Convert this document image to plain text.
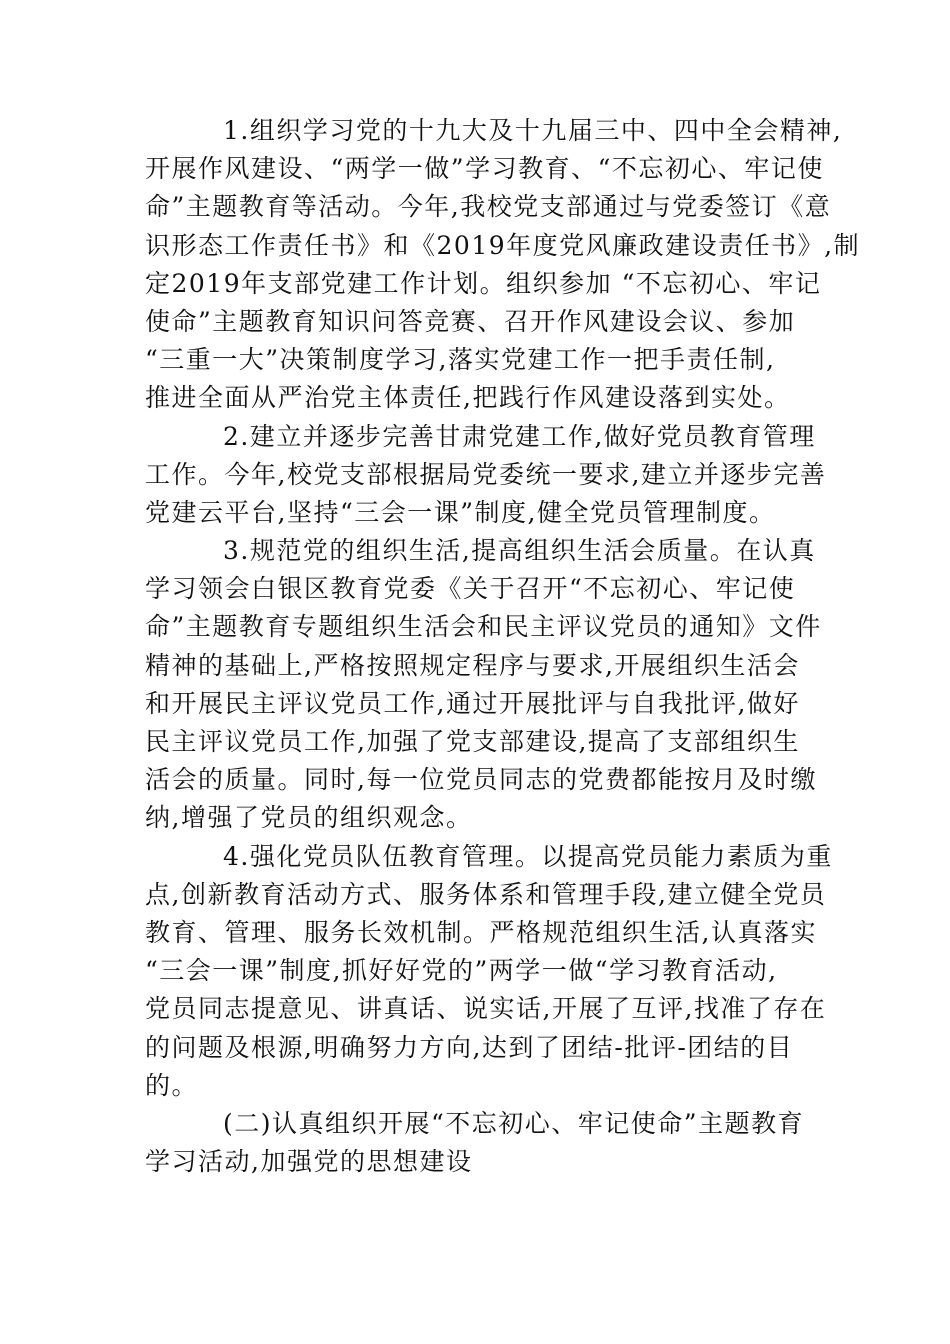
1.组织学习党的十九大及十九届三中、四中全会精神,
开展作风建设、“两学一做”学习教育、“不忘初心、牢记使
命”主题教育等活动。今年,我校党支部通过与党委签订《意
识形态工作责任书》和《2019年度党风廉政建设责任书》,制
定2019年支部党建工作计划。组织参加 “不忘初心、牢记
使命”主题教育知识问答竞赛、召开作风建设会议、参加
“三重一大”决策制度学习,落实党建工作一把手责任制,
推进全面从严治党主体责任,把践行作风建设落到实处。
2.建立并逐步完善甘肃党建工作,做好党员教育管理
工作。今年,校党支部根据局党委统一要求,建立并逐步完善
党建云平台,坚持“三会一课”制度,健全党员管理制度。
3.规范党的组织生活,提高组织生活会质量。在认真
学习领会白银区教育党委《关于召开“不忘初心、牢记使
命”主题教育专题组织生活会和民主评议党员的通知》文件
精神的基础上,严格按照规定程序与要求,开展组织生活会
和开展民主评议党员工作,通过开展批评与自我批评,做好
民主评议党员工作,加强了党支部建设,提高了支部组织生
活会的质量。同时,每一位党员同志的党费都能按月及时缴
纳,增强了党员的组织观念。
4.强化党员队伍教育管理。以提高党员能力素质为重
点,创新教育活动方式、服务体系和管理手段,建立健全党员
教育、管理、服务长效机制。严格规范组织生活,认真落实
“三会一课”制度,抓好好党的”两学一做“学习教育活动,
党员同志提意见、讲真话、说实话,开展了互评,找准了存在
的问题及根源,明确努力方向,达到了团结-批评-团结的目
的。
(二)认真组织开展“不忘初心、牢记使命”主题教育
学习活动,加强党的思想建设
